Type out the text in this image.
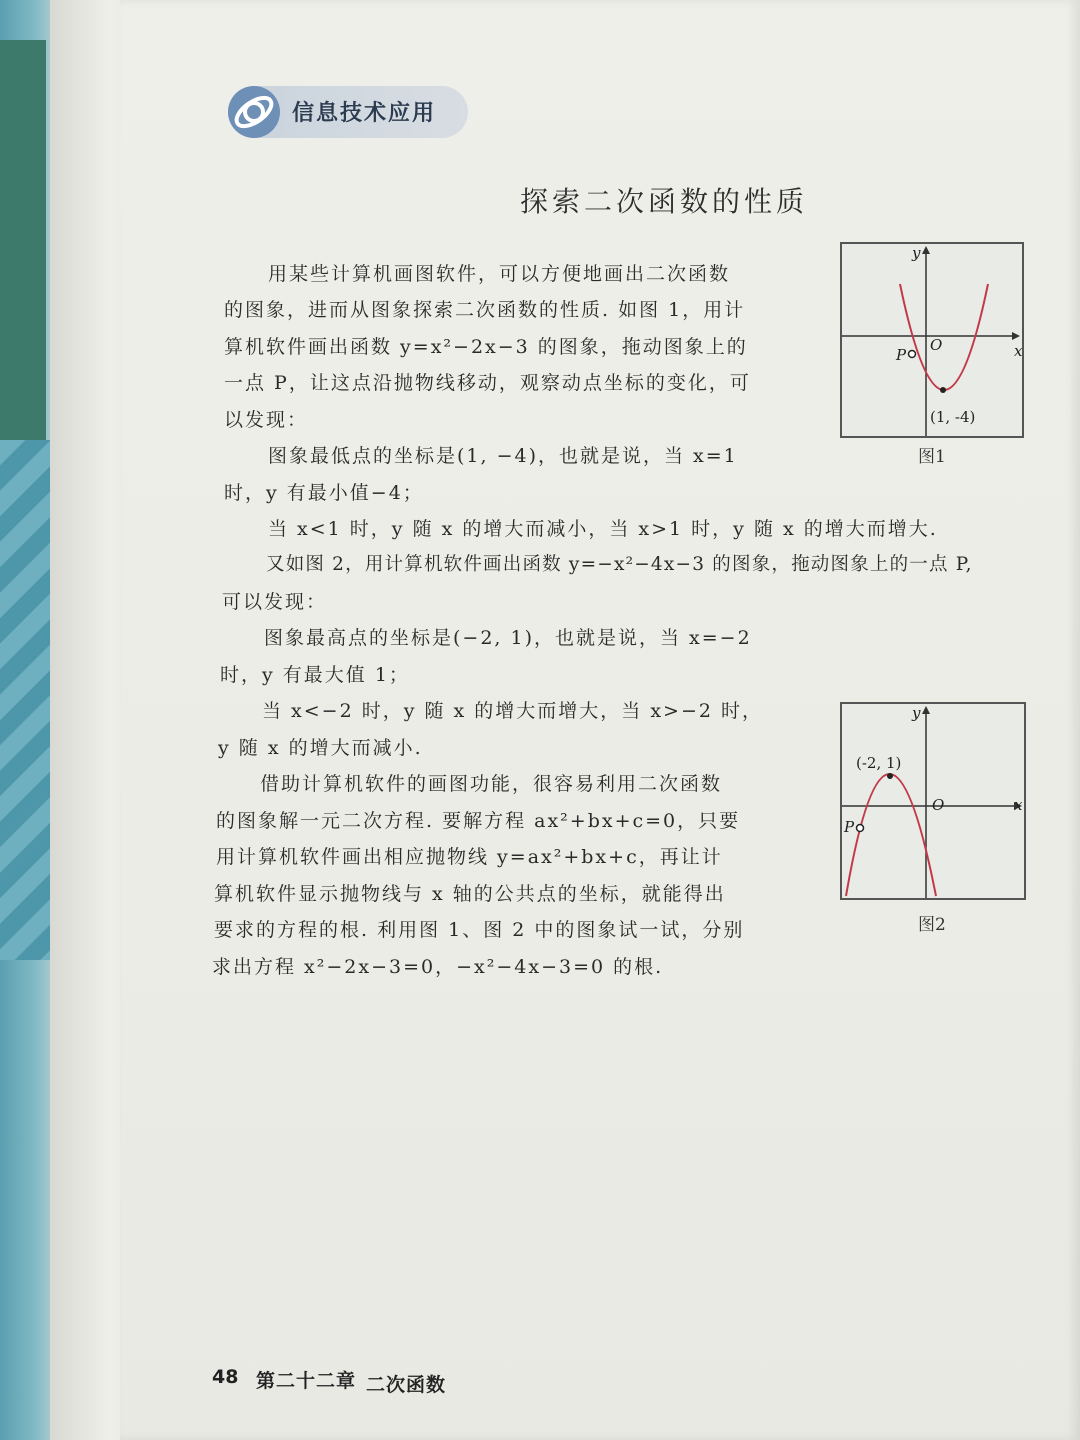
信息技术应用
探索二次函数的性质
用某些计算机画图软件，可以方便地画出二次函数
的图象，进而从图象探索二次函数的性质. 如图 1，用计
算机软件画出函数 y=x²−2x−3 的图象，拖动图象上的
一点 P，让这点沿抛物线移动，观察动点坐标的变化，可
以发现：
图象最低点的坐标是(1, −4)，也就是说，当 x=1
时，y 有最小值−4；
当 x<1 时，y 随 x 的增大而减小，当 x>1 时，y 随 x 的增大而增大.
又如图 2，用计算机软件画出函数 y=−x²−4x−3 的图象，拖动图象上的一点 P,
可以发现：
图象最高点的坐标是(−2, 1)，也就是说，当 x=−2
时，y 有最大值 1；
当 x<−2 时，y 随 x 的增大而增大，当 x>−2 时，
y 随 x 的增大而减小.
借助计算机软件的画图功能，很容易利用二次函数
的图象解一元二次方程. 要解方程 ax²+bx+c=0，只要
用计算机软件画出相应抛物线 y=ax²+bx+c，再让计
算机软件显示抛物线与 x 轴的公共点的坐标，就能得出
要求的方程的根. 利用图 1、图 2 中的图象试一试，分别
求出方程 x²−2x−3=0，−x²−4x−3=0 的根.
y
x
O
P
(1, -4)
图1
y
x
O
P
(-2, 1)
图2
48 第二十二章 二次函数
